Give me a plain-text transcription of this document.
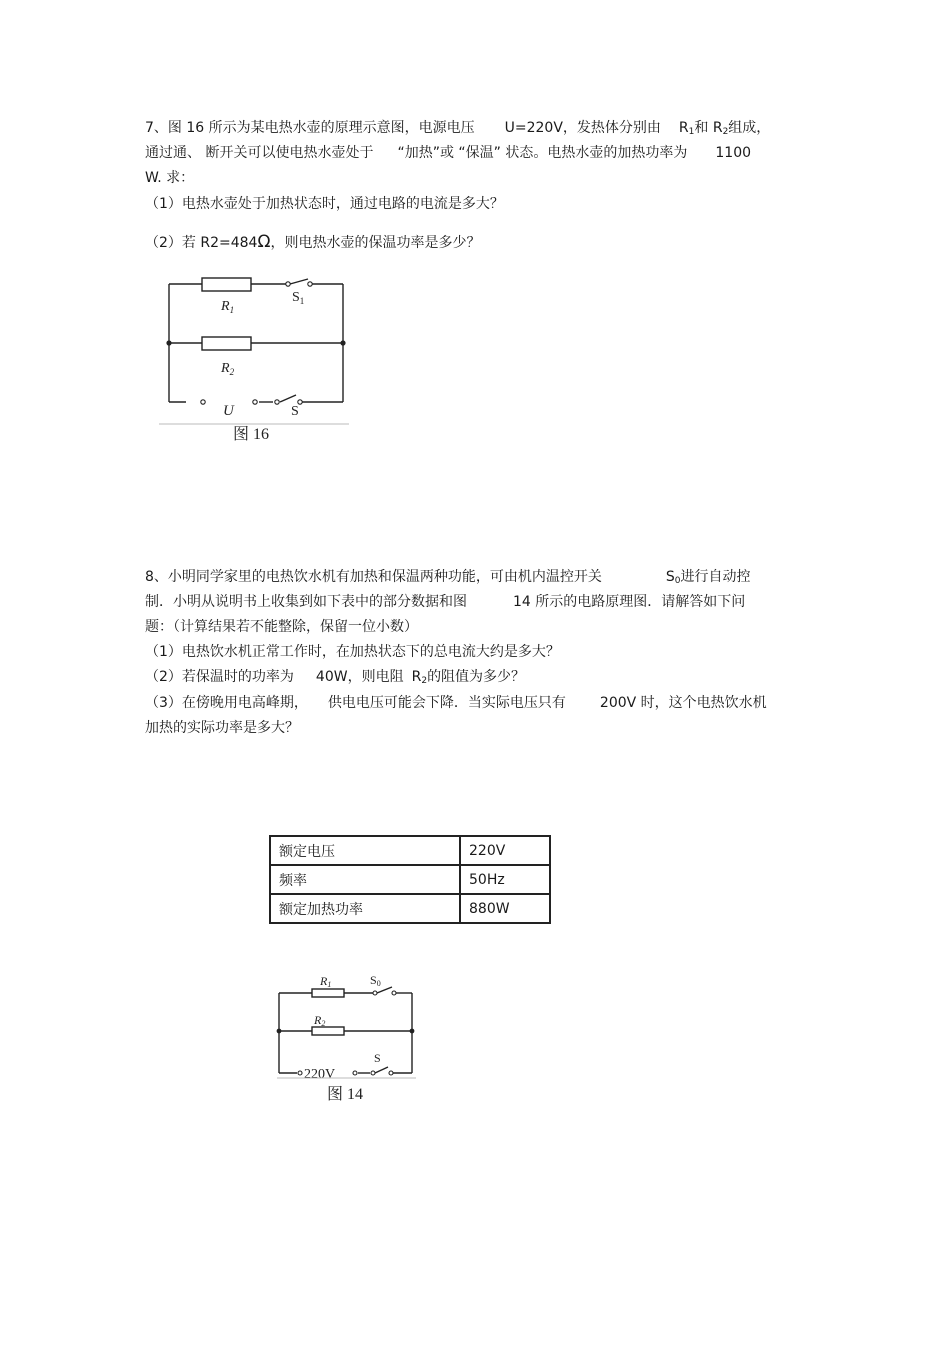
7、图 16 所示为某电热水壶的原理示意图，电源电压 U=220V，发热体分别由 $R_1$和 $R_2$组成，
通过通、 断开关可以使电热水壶处于 “加热”或 “保温” 状态。电热水壶的加热功率为 1100
W. 求：
（1）电热水壶处于加热状态时，通过电路的电流是多大？
（2）若 R2=484Ω，则电热水壶的保温功率是多少？
$R_1$
$S_1$
$R_2$
U	S
图 16
8、小明同学家里的电热饮水机有加热和保温两种功能，可由机内温控开关	$S_0$进行自动控
制．小明从说明书上收集到如下表中的部分数据和图	14 所示的电路原理图．请解答如下问
题：（计算结果若不能整除，保留一位小数）
（1）电热饮水机正常工作时，在加热状态下的总电流大约是多大？
（2）若保温时的功率为 40W，则电阻 $R_2$的阻值为多少？
（3）在傍晚用电高峰期， 供电电压可能会下降．当实际电压只有 200V 时，这个电热饮水机
加热的实际功率是多大？
额定电压	220V
频率	50Hz
额定加热功率	880W
R1	S0
R2
220V
S
图 14
